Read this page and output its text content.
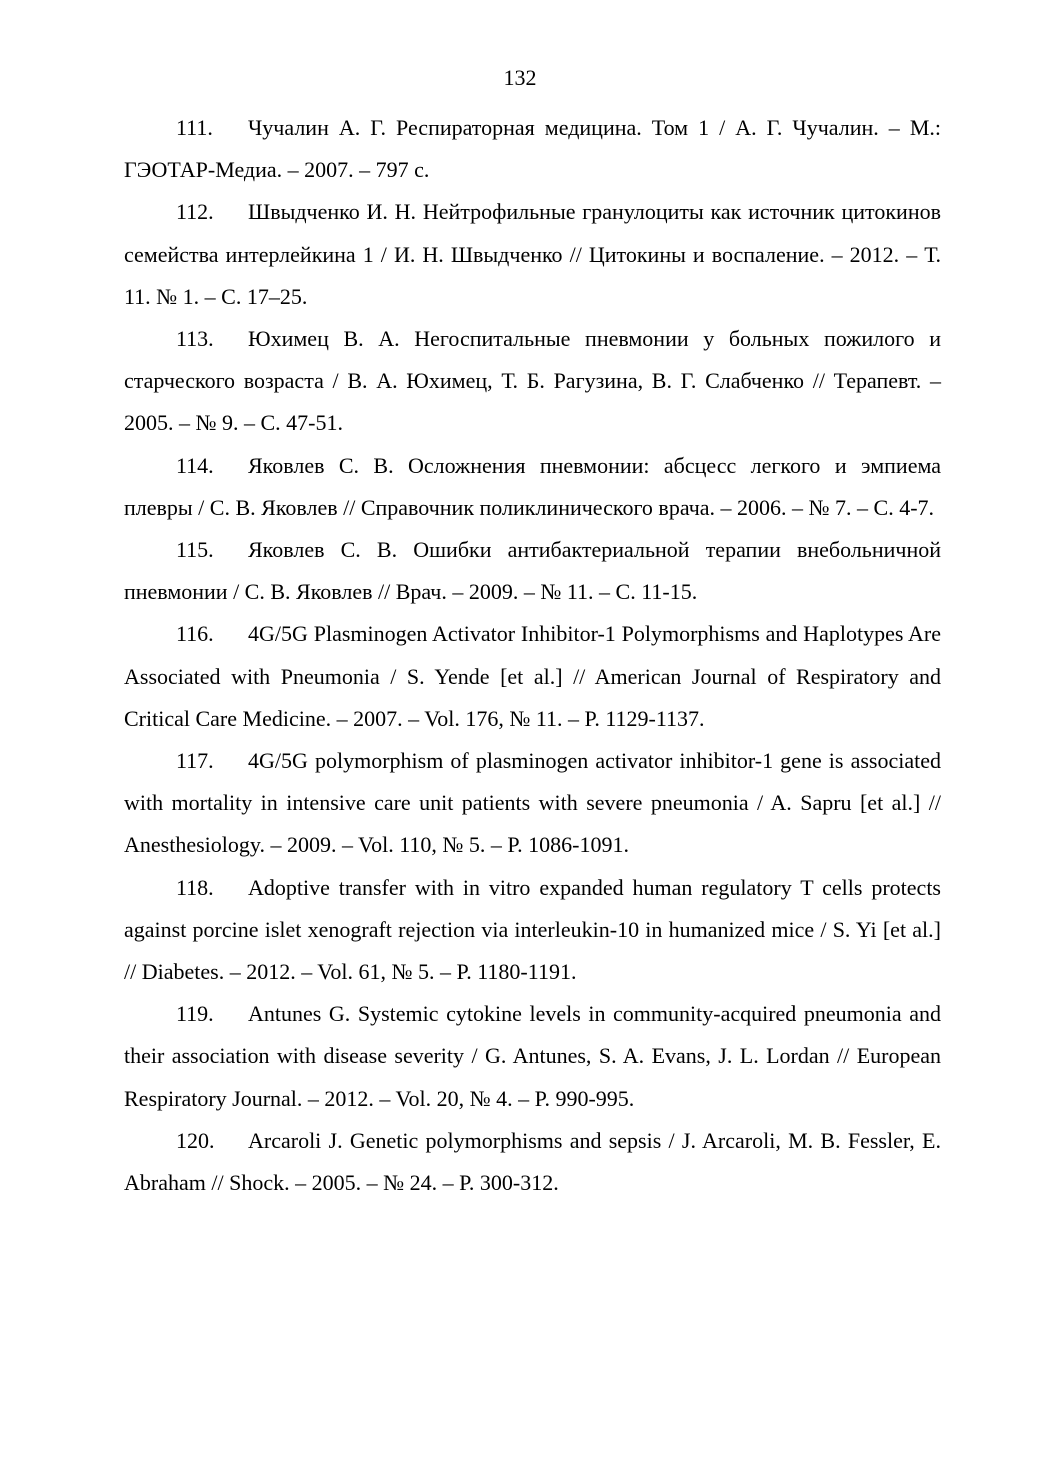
132
111. Чучалин А. Г. Респираторная медицина. Том 1 / А. Г. Чучалин. – М.: ГЭОТАР-Медиа. – 2007. – 797 с.
112. Швыдченко И. Н. Нейтрофильные гранулоциты как источник цитокинов семейства интерлейкина 1 / И. Н. Швыдченко // Цитокины и воспаление. – 2012. – Т. 11. № 1. – С. 17–25.
113. Юхимец В. А. Негоспитальные пневмонии у больных пожилого и старческого возраста / В. А. Юхимец, Т. Б. Рагузина, В. Г. Слабченко // Терапевт. – 2005. – № 9. – С. 47-51.
114. Яковлев С. В. Осложнения пневмонии: абсцесс легкого и эмпиема плевры / С. В. Яковлев // Справочник поликлинического врача. – 2006. – № 7. – С. 4-7.
115. Яковлев С. В. Ошибки антибактериальной терапии внебольничной пневмонии / С. В. Яковлев // Врач. – 2009. – № 11. – С. 11-15.
116. 4G/5G Plasminogen Activator Inhibitor-1 Polymorphisms and Haplotypes Are Associated with Pneumonia / S. Yende [et al.] // American Journal of Respiratory and Critical Care Medicine. – 2007. – Vol. 176, № 11. – P. 1129-1137.
117. 4G/5G polymorphism of plasminogen activator inhibitor-1 gene is associated with mortality in intensive care unit patients with severe pneumonia / A. Sapru [et al.] // Anesthesiology. – 2009. – Vol. 110, № 5. – P. 1086-1091.
118. Adoptive transfer with in vitro expanded human regulatory T cells protects against porcine islet xenograft rejection via interleukin-10 in humanized mice / S. Yi [et al.] // Diabetes. – 2012. – Vol. 61, № 5. – P. 1180-1191.
119. Antunes G. Systemic cytokine levels in community-acquired pneumonia and their association with disease severity / G. Antunes, S. A. Evans, J. L. Lordan // European Respiratory Journal. – 2012. – Vol. 20, № 4. – P. 990-995.
120. Arcaroli J. Genetic polymorphisms and sepsis / J. Arcaroli, M. B. Fessler, E. Abraham // Shock. – 2005. – № 24. – P. 300-312.
